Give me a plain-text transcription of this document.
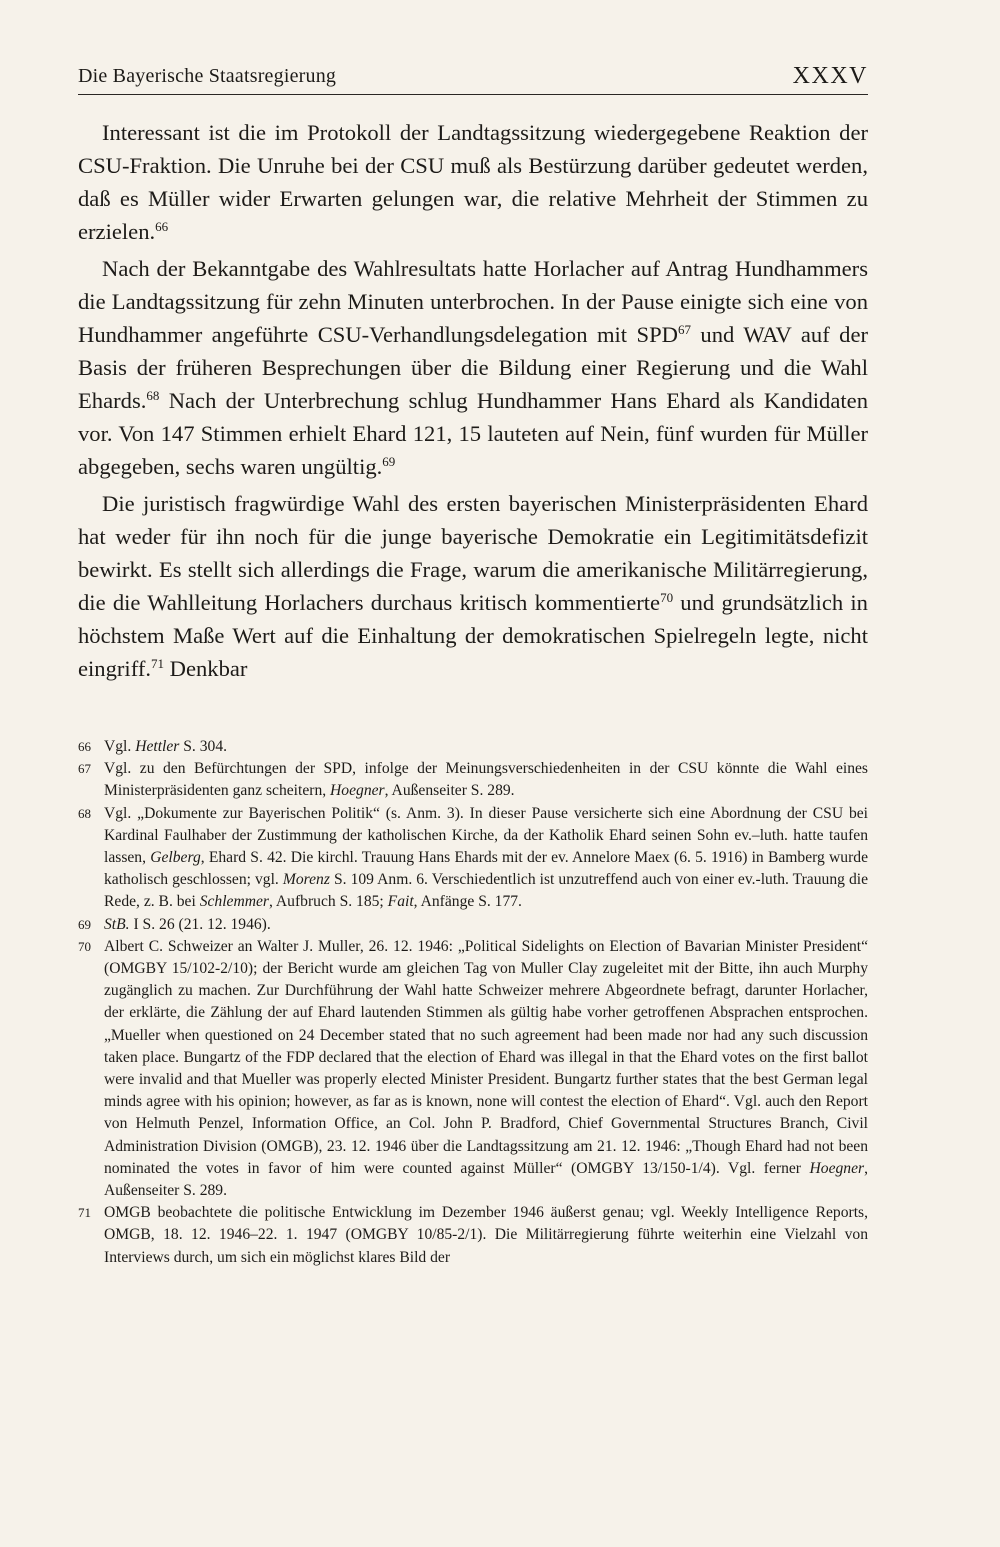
Die Bayerische Staatsregierung	XXXV

Interessant ist die im Protokoll der Landtagssitzung wiedergegebene Reaktion der CSU-Fraktion. Die Unruhe bei der CSU muß als Bestürzung darüber gedeutet werden, daß es Müller wider Erwarten gelungen war, die relative Mehrheit der Stimmen zu erzielen.$^{66}$

Nach der Bekanntgabe des Wahlresultats hatte Horlacher auf Antrag Hundhammers die Landtagssitzung für zehn Minuten unterbrochen. In der Pause einigte sich eine von Hundhammer angeführte CSU-Verhandlungsdelegation mit SPD$^{67}$ und WAV auf der Basis der früheren Besprechungen über die Bildung einer Regierung und die Wahl Ehards.$^{68}$ Nach der Unterbrechung schlug Hundhammer Hans Ehard als Kandidaten vor. Von 147 Stimmen erhielt Ehard 121, 15 lauteten auf Nein, fünf wurden für Müller abgegeben, sechs waren ungültig.$^{69}$

Die juristisch fragwürdige Wahl des ersten bayerischen Ministerpräsidenten Ehard hat weder für ihn noch für die junge bayerische Demokratie ein Legitimitätsdefizit bewirkt. Es stellt sich allerdings die Frage, warum die amerikanische Militärregierung, die die Wahlleitung Horlachers durchaus kritisch kommentierte$^{70}$ und grundsätzlich in höchstem Maße Wert auf die Einhaltung der demokratischen Spielregeln legte, nicht eingriff.$^{71}$ Denkbar

66 Vgl. Hettler S. 304.

67 Vgl. zu den Befürchtungen der SPD, infolge der Meinungsverschiedenheiten in der CSU könnte die Wahl eines Ministerpräsidenten ganz scheitern, Hoegner, Außenseiter S. 289.

68 Vgl. „Dokumente zur Bayerischen Politik“ (s. Anm. 3). In dieser Pause versicherte sich eine Abordnung der CSU bei Kardinal Faulhaber der Zustimmung der katholischen Kirche, da der Katholik Ehard seinen Sohn ev.–luth. hatte taufen lassen, Gelberg, Ehard S. 42. Die kirchl. Trauung Hans Ehards mit der ev. Annelore Maex (6. 5. 1916) in Bamberg wurde katholisch geschlossen; vgl. Morenz S. 109 Anm. 6. Verschiedentlich ist unzutreffend auch von einer ev.-luth. Trauung die Rede, z. B. bei Schlemmer, Aufbruch S. 185; Fait, Anfänge S. 177.

69 StB. I S. 26 (21. 12. 1946).

70 Albert C. Schweizer an Walter J. Muller, 26. 12. 1946: „Political Sidelights on Election of Bavarian Minister President“ (OMGBY 15/102-2/10); der Bericht wurde am gleichen Tag von Muller Clay zugeleitet mit der Bitte, ihn auch Murphy zugänglich zu machen. Zur Durchführung der Wahl hatte Schweizer mehrere Abgeordnete befragt, darunter Horlacher, der erklärte, die Zählung der auf Ehard lautenden Stimmen als gültig habe vorher getroffenen Absprachen entsprochen. „Mueller when questioned on 24 December stated that no such agreement had been made nor had any such discussion taken place. Bungartz of the FDP declared that the election of Ehard was illegal in that the Ehard votes on the first ballot were invalid and that Mueller was properly elected Minister President. Bungartz further states that the best German legal minds agree with his opinion; however, as far as is known, none will contest the election of Ehard“. Vgl. auch den Report von Helmuth Penzel, Information Office, an Col. John P. Bradford, Chief Governmental Structures Branch, Civil Administration Division (OMGB), 23. 12. 1946 über die Landtagssitzung am 21. 12. 1946: „Though Ehard had not been nominated the votes in favor of him were counted against Müller“ (OMGBY 13/150-1/4). Vgl. ferner Hoegner, Außenseiter S. 289.

71 OMGB beobachtete die politische Entwicklung im Dezember 1946 äußerst genau; vgl. Weekly Intelligence Reports, OMGB, 18. 12. 1946–22. 1. 1947 (OMGBY 10/85-2/1). Die Militärregierung führte weiterhin eine Vielzahl von Interviews durch, um sich ein möglichst klares Bild der
